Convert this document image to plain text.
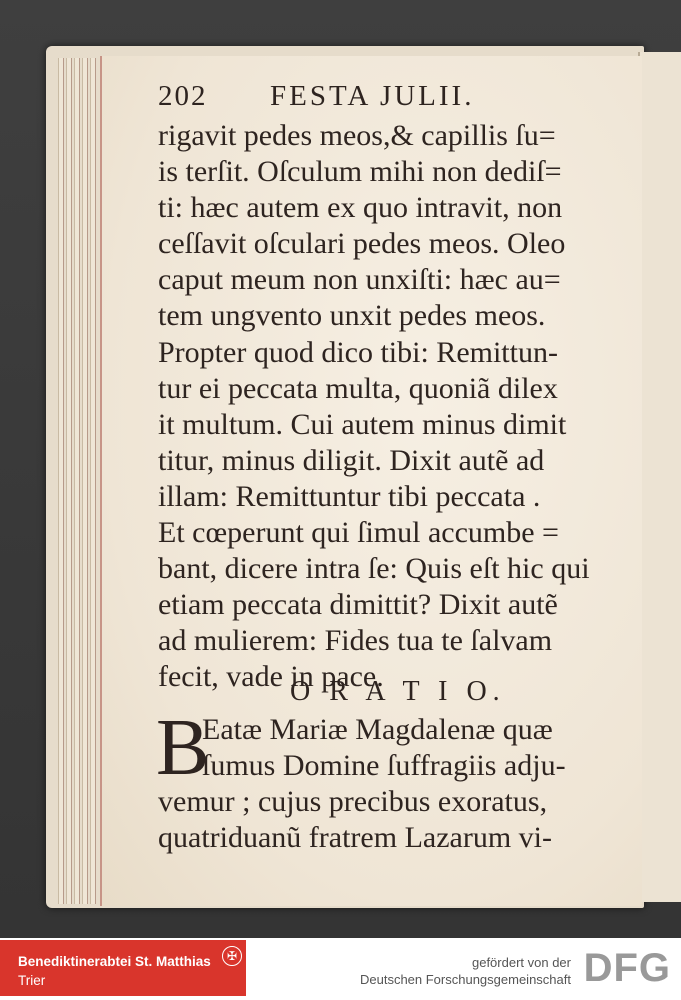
202 FESTA JULII.
rigavit pedes meos,& capillis ſu=
is terſit. Oſculum mihi non dediſ=
ti: hæc autem ex quo intravit, non
ceſſavit oſculari pedes meos. Oleo
caput meum non unxiſti: hæc au=
tem ungvento unxit pedes meos.
Propter quod dico tibi: Remittun-
tur ei peccata multa, quoniã dilex
it multum. Cui autem minus dimit
titur, minus diligit. Dixit autẽ ad
illam: Remittuntur tibi peccata .
Et cœperunt qui ſimul accumbe =
bant, dicere intra ſe: Quis eſt hic qui
etiam peccata dimittit? Dixit autẽ
ad mulierem: Fides tua te ſalvam
fecit, vade in pace.
O R A T I O.
B
Eatæ Mariæ Magdalenæ quæ
ſumus Domine ſuffragiis adju-
vemur ; cujus precibus exoratus,
quatriduanũ fratrem Lazarum vi-
Benediktinerabtei St. Matthias
Trier
✠	gefördert von der
Deutschen Forschungsgemeinschaft DFG
